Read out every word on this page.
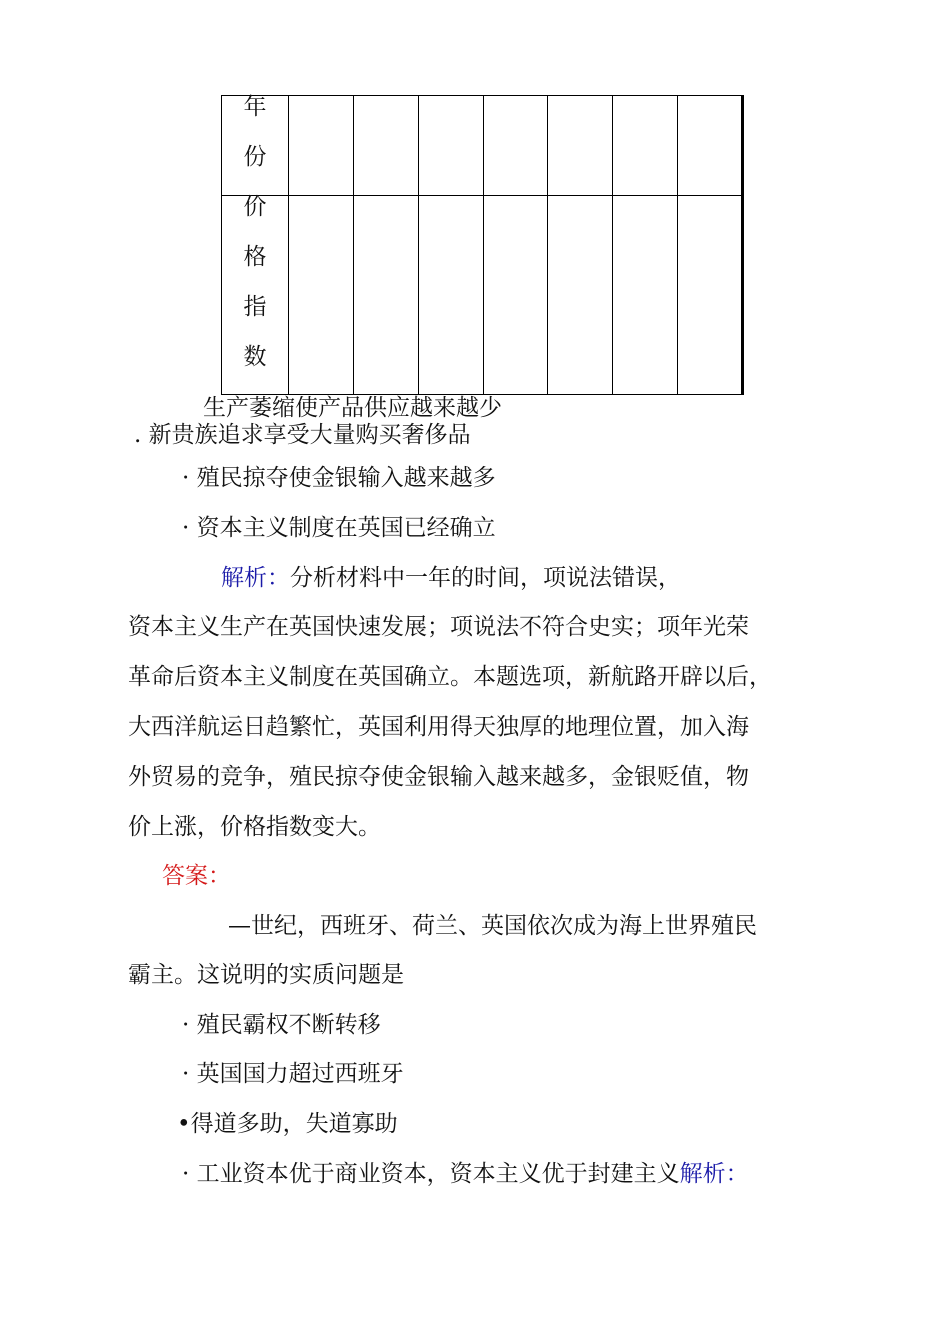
年
份							

价
格
指
数							

生产萎缩使产品供应越来越少
. 新贵族追求享受大量购买奢侈品
· 殖民掠夺使金银输入越来越多
· 资本主义制度在英国已经确立
解析：分析材料中一年的时间，项说法错误，
资本主义生产在英国快速发展；项说法不符合史实；项年光荣
革命后资本主义制度在英国确立。本题选项，新航路开辟以后，
大西洋航运日趋繁忙，英国利用得天独厚的地理位置，加入海
外贸易的竞争，殖民掠夺使金银输入越来越多，金银贬值，物
价上涨，价格指数变大。
答案：
—世纪，西班牙、荷兰、英国依次成为海上世界殖民
霸主。这说明的实质问题是
· 殖民霸权不断转移
· 英国国力超过西班牙
•得道多助，失道寡助
· 工业资本优于商业资本，资本主义优于封建主义解析：
